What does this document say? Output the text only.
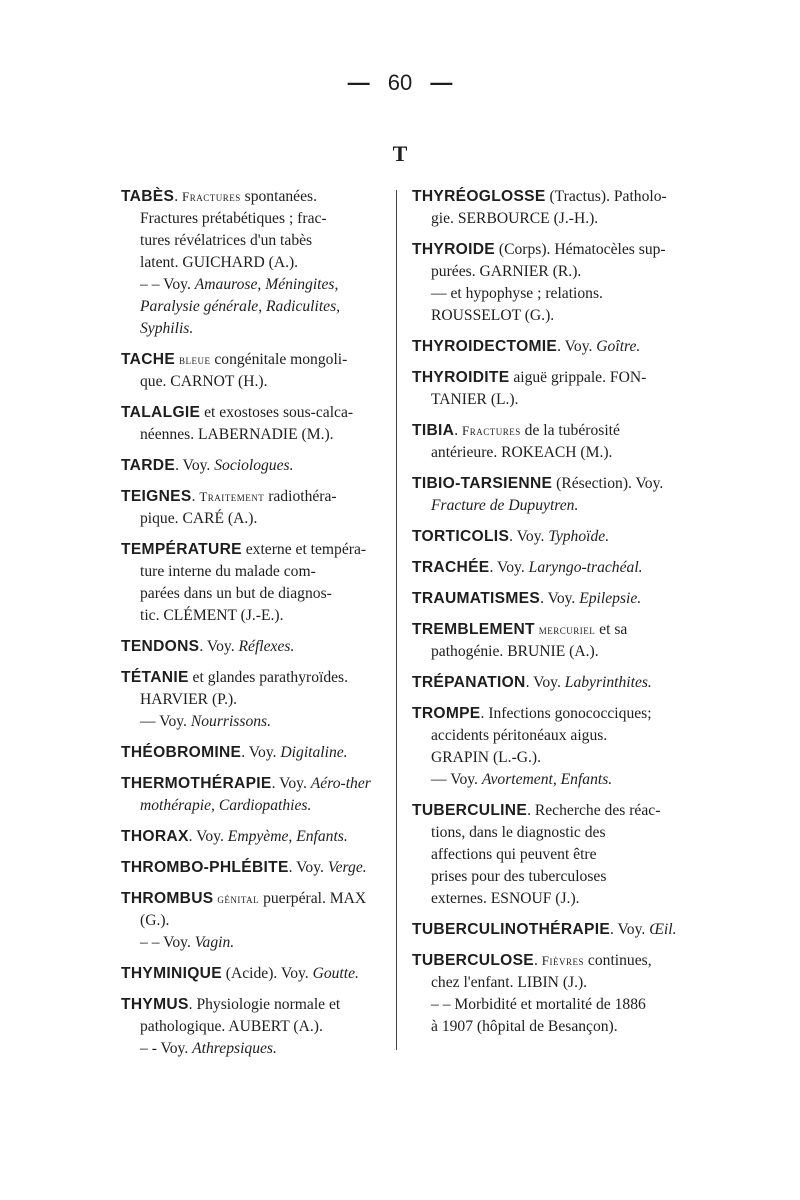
— 60 —
T
TABÈS. Fractures spontanées.
Fractures prétabétiques ; frac-
tures révélatrices d'un tabès
latent. GUICHARD (A.).
– – Voy. Amaurose, Méningites,
Paralysie générale, Radiculites,
Syphilis.
TACHE bleue congénitale mongoli-
que. CARNOT (H.).
TALALGIE et exostoses sous-calca-
néennes. LABERNADIE (M.).
TARDE. Voy. Sociologues.
TEIGNES. Traitement radiothéra-
pique. CARÉ (A.).
TEMPÉRATURE externe et tempéra-
ture interne du malade com-
parées dans un but de diagnos-
tic. CLÉMENT (J.-E.).
TENDONS. Voy. Réflexes.
TÉTANIE et glandes parathyroïdes.
HARVIER (P.).
–– Voy. Nourrissons.
THÉOBROMINE. Voy. Digitaline.
THERMOTHÉRAPIE. Voy. Aéro-ther
mothérapie, Cardiopathies.
THORAX. Voy. Empyème, Enfants.
THROMBO-PHLÉBITE. Voy. Verge.
THROMBUS génital puerpéral. MAX
(G.).
– – Voy. Vagin.
THYMINIQUE (Acide). Voy. Goutte.
THYMUS. Physiologie normale et
pathologique. AUBERT (A.).
– - Voy. Athrepsiques.
THYRÉOGLOSSE (Tractus). Patholo-
gie. SERBOURCE (J.-H.).
THYROIDE (Corps). Hématocèles sup-
purées. GARNIER (R.).
–– et hypophyse ; relations.
ROUSSELOT (G.).
THYROIDECTOMIE. Voy. Goître.
THYROIDITE aiguë grippale. FON-
TANIER (L.).
TIBIA. Fractures de la tubérosité
antérieure. ROKEACH (M.).
TIBIO-TARSIENNE (Résection). Voy.
Fracture de Dupuytren.
TORTICOLIS. Voy. Typhoïde.
TRACHÉE. Voy. Laryngo-trachéal.
TRAUMATISMES. Voy. Epilepsie.
TREMBLEMENT mercuriel et sa
pathogénie. BRUNIE (A.).
TRÉPANATION. Voy. Labyrinthites.
TROMPE. Infections gonococciques;
accidents péritonéaux aigus.
GRAPIN (L.-G.).
–– Voy. Avortement, Enfants.
TUBERCULINE. Recherche des réac-
tions, dans le diagnostic des
affections qui peuvent être
prises pour des tuberculoses
externes. ESNOUF (J.).
TUBERCULINOTHÉRAPIE. Voy. Œil.
TUBERCULOSE. Fièvres continues,
chez l'enfant. LIBIN (J.).
– – Morbidité et mortalité de 1886
à 1907 (hôpital de Besançon).
